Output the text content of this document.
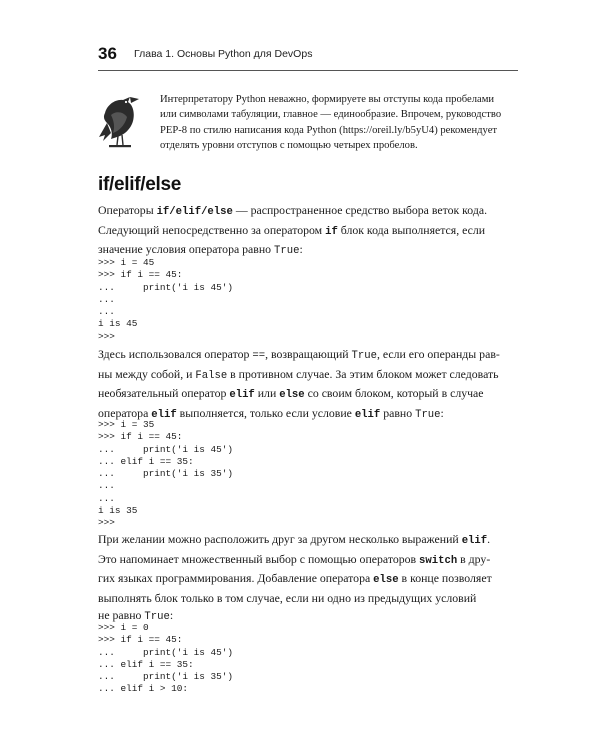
36 Глава 1. Основы Python для DevOps
Интерпретатору Python неважно, формируете вы отступы кода пробелами
или символами табуляции, главное — единообразие. Впрочем, руководство
PEP-8 по стилю написания кода Python (https://oreil.ly/b5yU4) рекомендует
отделять уровни отступов с помощью четырех пробелов.
if/elif/else
Операторы if/elif/else — распространенное средство выбора веток кода.
Следующий непосредственно за оператором if блок кода выполняется, если
значение условия оператора равно True:
>>> i = 45
>>> if i == 45:
...     print('i is 45')
...
...
i is 45
>>>
Здесь использовался оператор ==, возвращающий True, если его операнды рав-
ны между собой, и False в противном случае. За этим блоком может следовать
необязательный оператор elif или else со своим блоком, который в случае
оператора elif выполняется, только если условие elif равно True:
>>> i = 35
>>> if i == 45:
...     print('i is 45')
... elif i == 35:
...     print('i is 35')
...
...
i is 35
>>>
При желании можно расположить друг за другом несколько выражений elif.
Это напоминает множественный выбор с помощью операторов switch в дру-
гих языках программирования. Добавление оператора else в конце позволяет
выполнять блок только в том случае, если ни одно из предыдущих условий
не равно True:
>>> i = 0
>>> if i == 45:
...     print('i is 45')
... elif i == 35:
...     print('i is 35')
... elif i > 10:
